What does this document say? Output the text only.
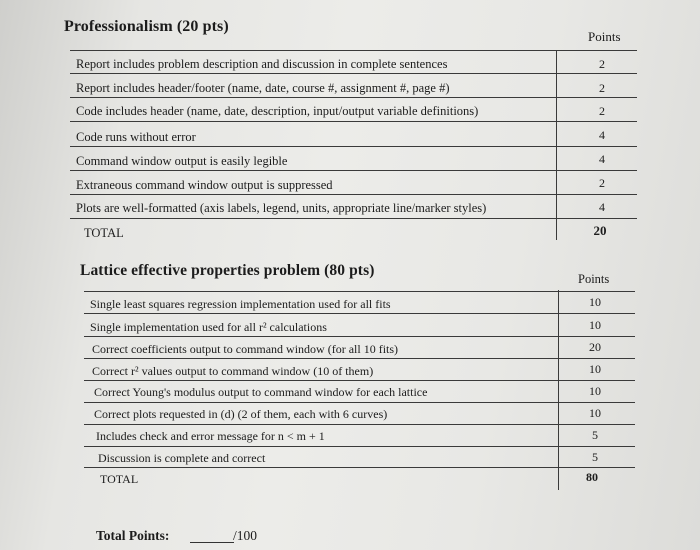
Professionalism (20 pts)
Points
Report includes problem description and discussion in complete sentences	2
Report includes header/footer (name, date, course #, assignment #, page #)	2
Code includes header (name, date, description, input/output variable definitions)	2
Code runs without error	4
Command window output is easily legible	4
Extraneous command window output is suppressed	2
Plots are well-formatted (axis labels, legend, units, appropriate line/marker styles)	4
TOTAL	20
Lattice effective properties problem (80 pts)	Points
Single least squares regression implementation used for all fits	10
Single implementation used for all r² calculations	10
Correct coefficients output to command window (for all 10 fits)	20
Correct r² values output to command window (10 of them)	10
Correct Young's modulus output to command window for each lattice	10
Correct plots requested in (d) (2 of them, each with 6 curves)	10
Includes check and error message for n < m + 1	5
Discussion is complete and correct	5
TOTAL	80
Total Points:	/100
